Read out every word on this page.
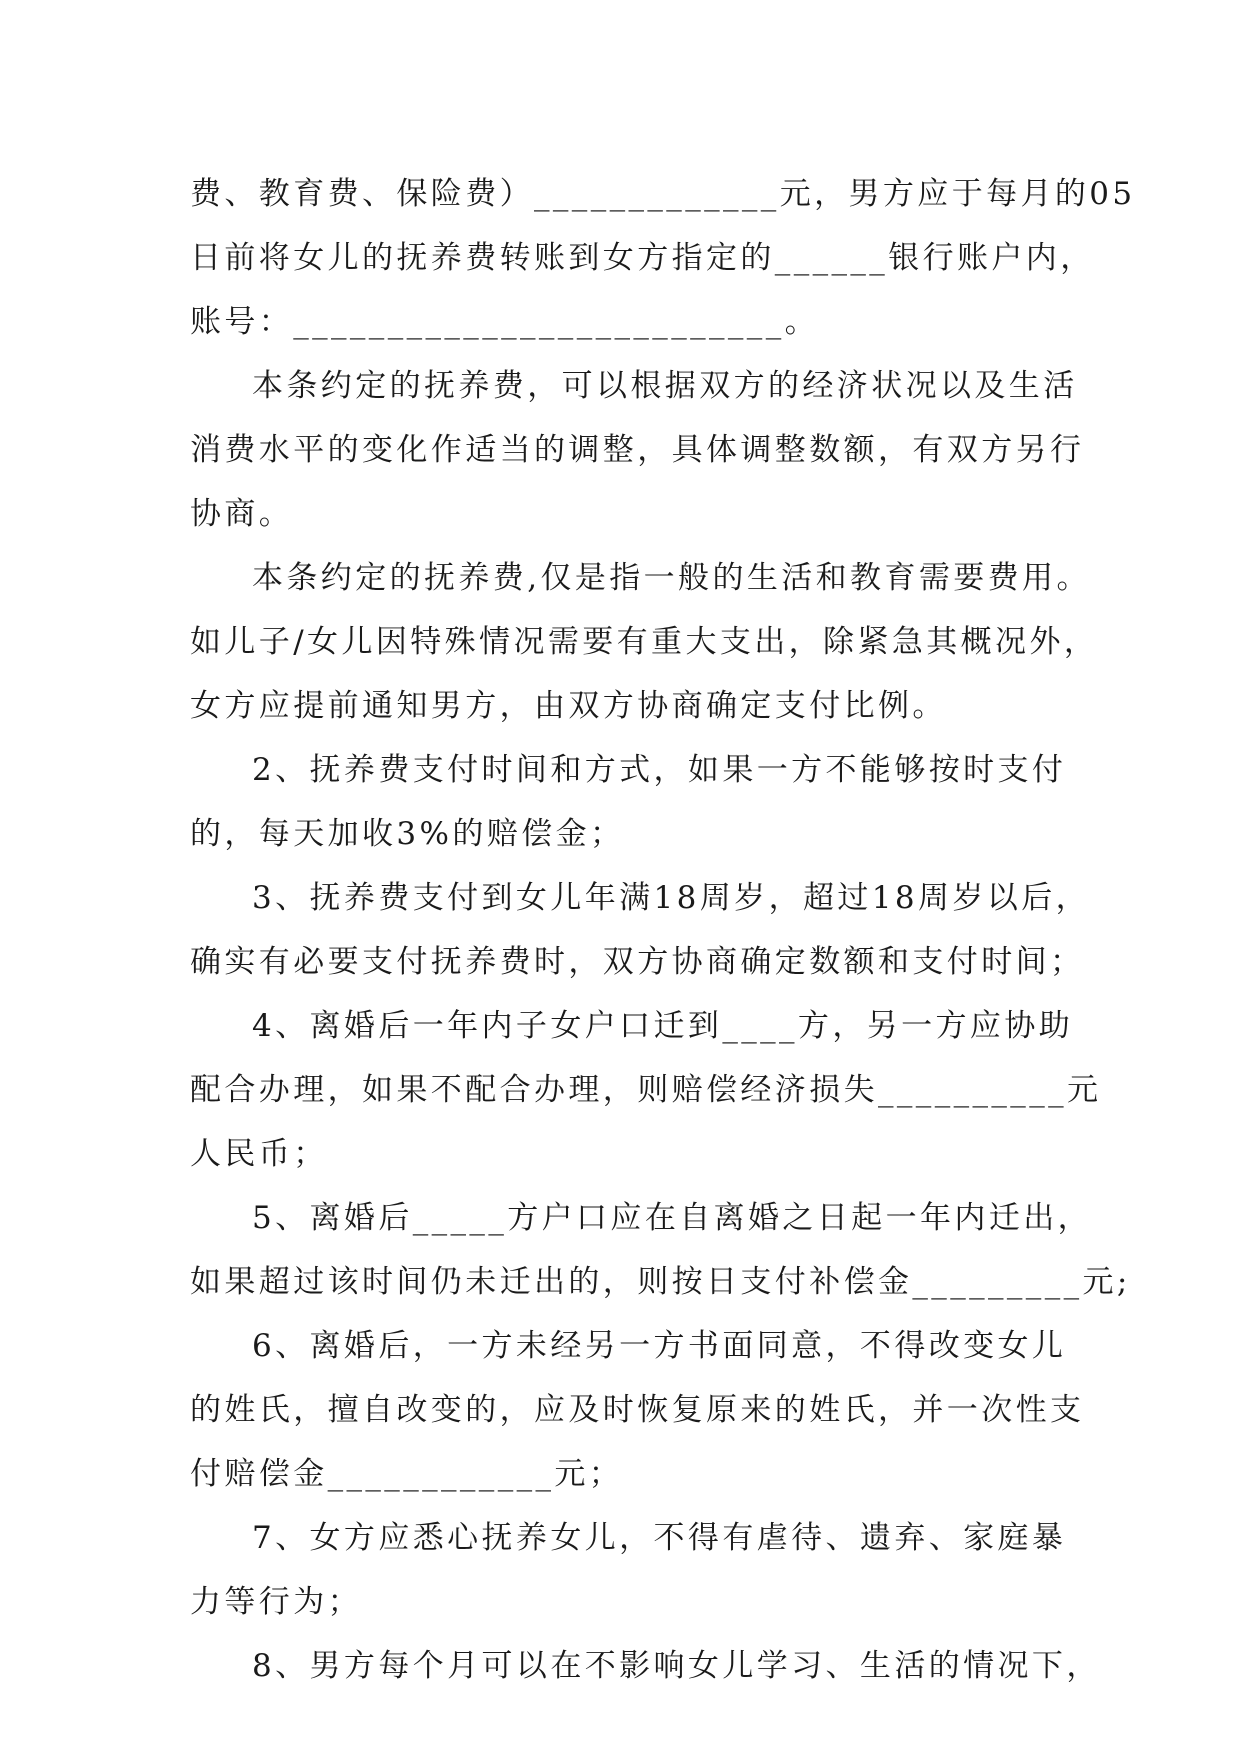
费、教育费、保险费）_____________元，男方应于每月的05
日前将女儿的抚养费转账到女方指定的______银行账户内，
账号：__________________________。
本条约定的抚养费，可以根据双方的经济状况以及生活
消费水平的变化作适当的调整，具体调整数额，有双方另行
协商。
本条约定的抚养费,仅是指一般的生活和教育需要费用。
如儿子/女儿因特殊情况需要有重大支出，除紧急其概况外，
女方应提前通知男方，由双方协商确定支付比例。
2、抚养费支付时间和方式，如果一方不能够按时支付
的，每天加收3%的赔偿金；
3、抚养费支付到女儿年满18周岁，超过18周岁以后，
确实有必要支付抚养费时，双方协商确定数额和支付时间；
4、离婚后一年内子女户口迁到____方，另一方应协助
配合办理，如果不配合办理，则赔偿经济损失__________元
人民币；
5、离婚后_____方户口应在自离婚之日起一年内迁出，
如果超过该时间仍未迁出的，则按日支付补偿金_________元;
6、离婚后，一方未经另一方书面同意，不得改变女儿
的姓氏，擅自改变的，应及时恢复原来的姓氏，并一次性支
付赔偿金____________元；
7、女方应悉心抚养女儿，不得有虐待、遗弃、家庭暴
力等行为；
8、男方每个月可以在不影响女儿学习、生活的情况下，
